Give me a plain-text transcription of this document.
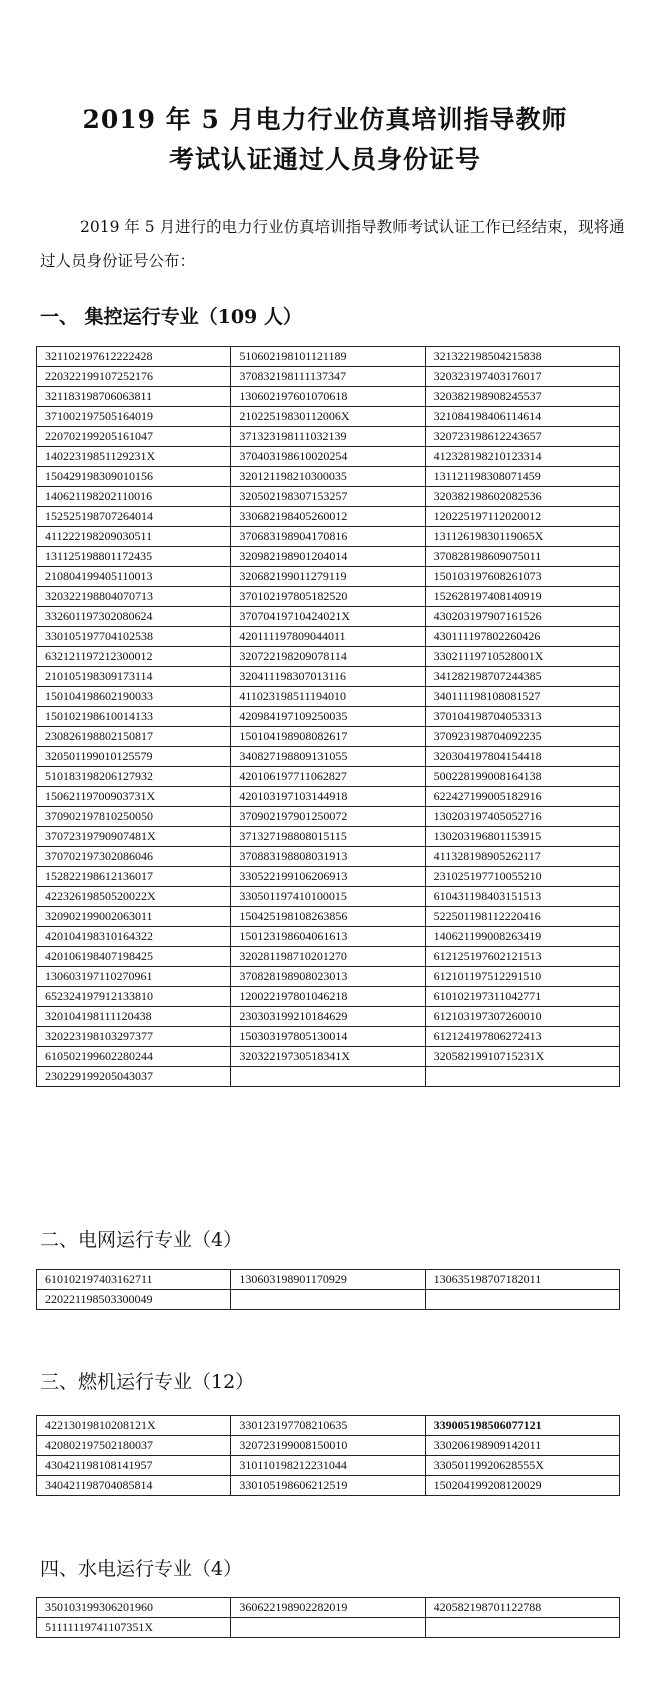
2019 年 5 月电力行业仿真培训指导教师
考试认证通过人员身份证号
2019 年 5 月进行的电力行业仿真培训指导教师考试认证工作已经结束，现将通过人员身份证号公布：
一、 集控运行专业（109 人）
321102197612222428	510602198101121189	321322198504215838
220322199107252176	370832198111137347	320323197403176017
321183198706063811	130602197601070618	320382198908245537
371002197505164019	21022519830112006X	321084198406114614
220702199205161047	371323198111032139	320723198612243657
14022319851129231X	370403198610020254	412328198210123314
150429198309010156	320121198210300035	131121198308071459
140621198202110016	320502198307153257	320382198602082536
152525198707264014	330682198405260012	120225197112020012
411222198209030511	370683198904170816	13112619830119065X
131125198801172435	320982198901204014	370828198609075011
210804199405110013	320682199011279119	150103197608261073
320322198804070713	370102197805182520	152628197408140919
332601197302080624	37070419710424021X	430203197907161526
330105197704102538	420111197809044011	430111197802260426
632121197212300012	320722198209078114	33021119710528001X
210105198309173114	320411198307013116	341282198707244385
150104198602190033	411023198511194010	340111198108081527
150102198610014133	420984197109250035	370104198704053313
230826198802150817	150104198908082617	370923198704092235
320501199010125579	340827198809131055	320304197804154418
510183198206127932	420106197711062827	500228199008164138
15062119700903731X	420103197103144918	622427199005182916
370902197810250050	370902197901250072	130203197405052716
37072319790907481X	371327198808015115	130203196801153915
370702197302086046	370883198808031913	411328198905262117
152822198612136017	330522199106206913	231025197710055210
42232619850520022X	330501197410100015	610431198403151513
320902199002063011	150425198108263856	522501198112220416
420104198310164322	150123198604061613	140621199008263419
420106198407198425	320281198710201270	612125197602121513
130603197110270961	370828198908023013	612101197512291510
652324197912133810	120022197801046218	610102197311042771
320104198111120438	230303199210184629	612103197307260010
320223198103297377	150303197805130014	612124197806272413
610502199602280244	32032219730518341X	32058219910715231X
230229199205043037		
二、电网运行专业（4）
610102197403162711	130603198901170929	130635198707182011
220221198503300049		
三、燃机运行专业（12）
42213019810208121X	330123197708210635	339005198506077121
420802197502180037	320723199008150010	330206198909142011
430421198108141957	310110198212231044	33050119920628555X
340421198704085814	330105198606212519	150204199208120029
四、水电运行专业（4）
350103199306201960	360622198902282019	420582198701122788
51111119741107351X		
